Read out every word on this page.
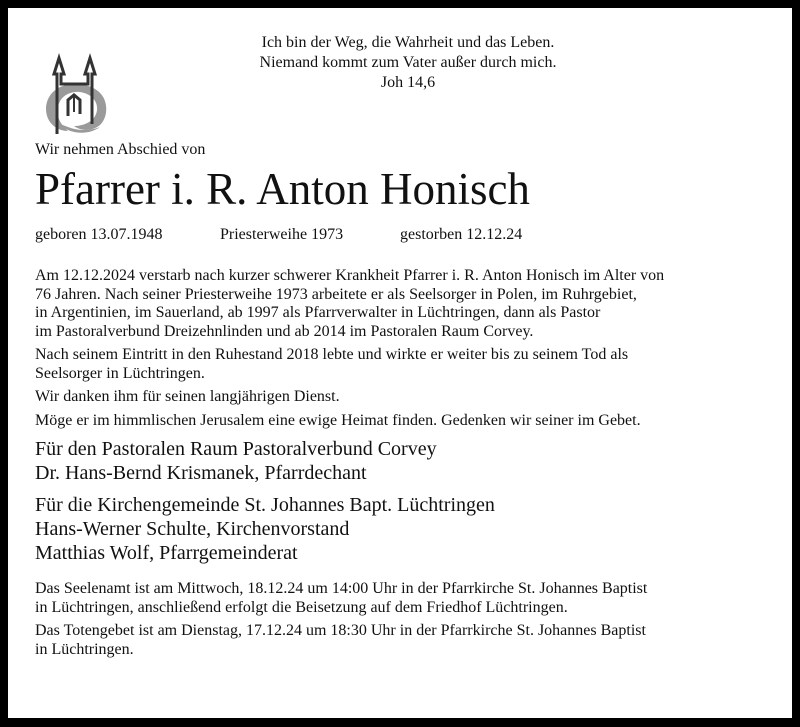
Ich bin der Weg, die Wahrheit und das Leben.
Niemand kommt zum Vater außer durch mich.
Joh 14,6

Wir nehmen Abschied von

Pfarrer i. R. Anton Honisch
geboren 13.07.1948	Priesterweihe 1973	gestorben 12.12.24

Am 12.12.2024 verstarb nach kurzer schwerer Krankheit Pfarrer i. R. Anton Honisch im Alter von
76 Jahren. Nach seiner Priesterweihe 1973 arbeitete er als Seelsorger in Polen, im Ruhrgebiet,
in Argentinien, im Sauerland, ab 1997 als Pfarrverwalter in Lüchtringen, dann als Pastor
im Pastoralverbund Dreizehnlinden und ab 2014 im Pastoralen Raum Corvey.

Nach seinem Eintritt in den Ruhestand 2018 lebte und wirkte er weiter bis zu seinem Tod als
Seelsorger in Lüchtringen.

Wir danken ihm für seinen langjährigen Dienst.

Möge er im himmlischen Jerusalem eine ewige Heimat finden. Gedenken wir seiner im Gebet.

Für den Pastoralen Raum Pastoralverbund Corvey
Dr. Hans-Bernd Krismanek, Pfarrdechant
Für die Kirchengemeinde St. Johannes Bapt. Lüchtringen
Hans-Werner Schulte, Kirchenvorstand
Matthias Wolf, Pfarrgemeinderat

Das Seelenamt ist am Mittwoch, 18.12.24 um 14:00 Uhr in der Pfarrkirche St. Johannes Baptist
in Lüchtringen, anschließend erfolgt die Beisetzung auf dem Friedhof Lüchtringen.

Das Totengebet ist am Dienstag, 17.12.24 um 18:30 Uhr in der Pfarrkirche St. Johannes Baptist
in Lüchtringen.
